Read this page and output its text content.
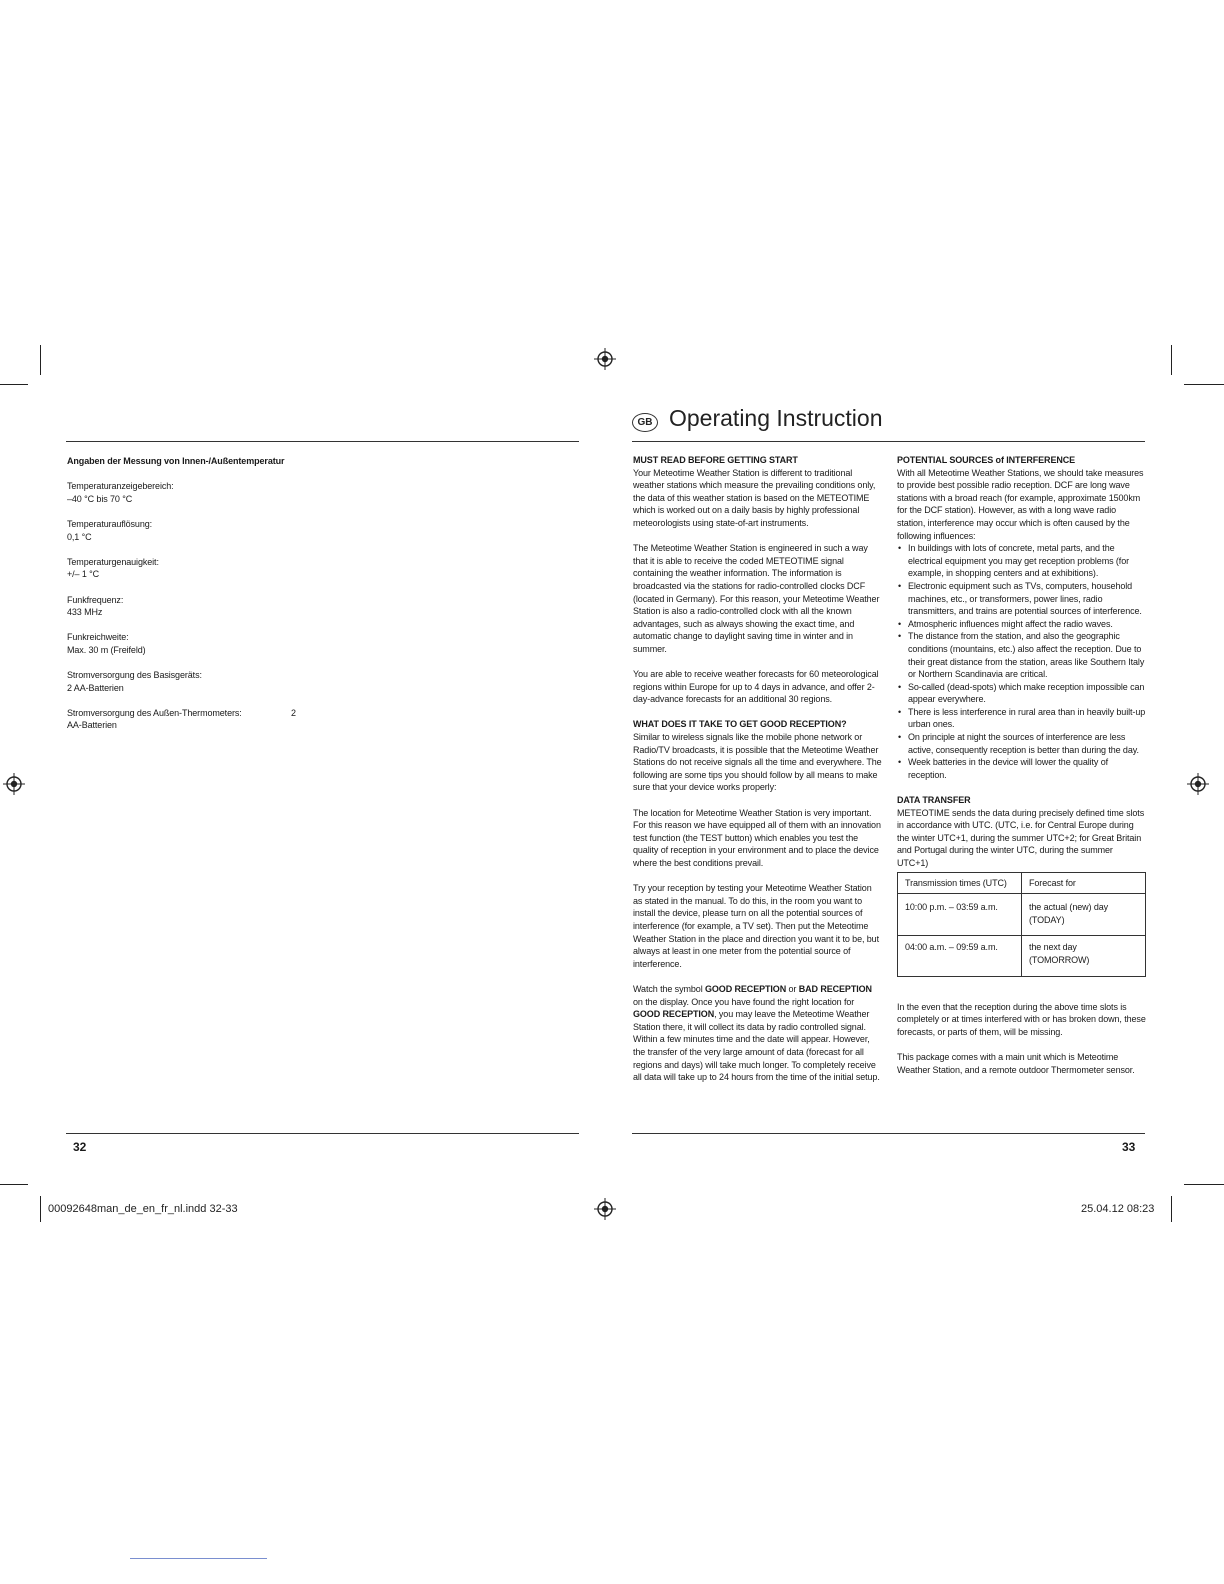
Angaben der Messung von Innen-/Außentemperatur
Temperaturanzeigebereich:
–40 °C bis 70 °C
Temperaturauflösung:
0,1 °C
Temperaturgenauigkeit:
+/– 1 °C
Funkfrequenz:
433 MHz
Funkreichweite:
Max. 30 m (Freifeld)
Stromversorgung des Basisgeräts:
2 AA-Batterien
Stromversorgung des Außen-Thermometers:	2
AA-Batterien
32
GB Operating Instruction
MUST READ BEFORE GETTING START

Your Meteotime Weather Station is different to traditional weather stations which measure the prevailing conditions only, the data of this weather station is based on the METEOTIME which is worked out on a daily basis by highly professional meteorologists using state-of-art instruments.

The Meteotime Weather Station is engineered in such a way that it is able to receive the coded METEOTIME signal containing the weather information. The information is broadcasted via the stations for radio-controlled clocks DCF (located in Germany). For this reason, your Meteotime Weather Station is also a radio-controlled clock with all the known advantages, such as always showing the exact time, and automatic change to daylight saving time in winter and in summer.

You are able to receive weather forecasts for 60 meteorological regions within Europe for up to 4 days in advance, and offer 2-day-advance forecasts for an additional 30 regions.

WHAT DOES IT TAKE TO GET GOOD RECEPTION?

Similar to wireless signals like the mobile phone network or Radio/TV broadcasts, it is possible that the Meteotime Weather Stations do not receive signals all the time and everywhere. The following are some tips you should follow by all means to make sure that your device works properly:

The location for Meteotime Weather Station is very important. For this reason we have equipped all of them with an innovation test function (the TEST button) which enables you test the quality of reception in your environment and to place the device where the best conditions prevail.

Try your reception by testing your Meteotime Weather Station as stated in the manual. To do this, in the room you want to install the device, please turn on all the potential sources of interference (for example, a TV set). Then put the Meteotime Weather Station in the place and direction you want it to be, but always at least in one meter from the potential source of interference.

Watch the symbol GOOD RECEPTION or BAD RECEPTION on the display. Once you have found the right location for GOOD RECEPTION, you may leave the Meteotime Weather Station there, it will collect its data by radio controlled signal. Within a few minutes time and the date will appear. However, the transfer of the very large amount of data (forecast for all regions and days) will take much longer. To completely receive all data will take up to 24 hours from the time of the initial setup.

POTENTIAL SOURCES of INTERFERENCE

With all Meteotime Weather Stations, we should take measures to provide best possible radio reception. DCF are long wave stations with a broad reach (for example, approximate 1500km for the DCF station). However, as with a long wave radio station, interference may occur which is often caused by the following influences:

• In buildings with lots of concrete, metal parts, and the electrical equipment you may get reception problems (for example, in shopping centers and at exhibitions).
• Electronic equipment such as TVs, computers, household machines, etc., or transformers, power lines, radio transmitters, and trains are potential sources of interference.
• Atmospheric influences might affect the radio waves.
• The distance from the station, and also the geographic conditions (mountains, etc.) also affect the reception. Due to their great distance from the station, areas like Southern Italy or Northern Scandinavia are critical.
• So-called (dead-spots) which make reception impossible can appear everywhere.
• There is less interference in rural area than in heavily built-up urban ones.
• On principle at night the sources of interference are less active, consequently reception is better than during the day.
• Week batteries in the device will lower the quality of reception.
DATA TRANSFER

METEOTIME sends the data during precisely defined time slots in accordance with UTC. (UTC, i.e. for Central Europe during the winter UTC+1, during the summer UTC+2; for Great Britain and Portugal during the winter UTC, during the summer UTC+1)

Transmission times (UTC)	Forecast for
10:00 p.m. – 03:59 a.m.	the actual (new) day (TODAY)
04:00 a.m. – 09:59 a.m.	the next day (TOMORROW)

In the even that the reception during the above time slots is completely or at times interfered with or has broken down, these forecasts, or parts of them, will be missing.

This package comes with a main unit which is Meteotime Weather Station, and a remote outdoor Thermometer sensor.

33
00092648man_de_en_fr_nl.indd 32-33	25.04.12 08:23
